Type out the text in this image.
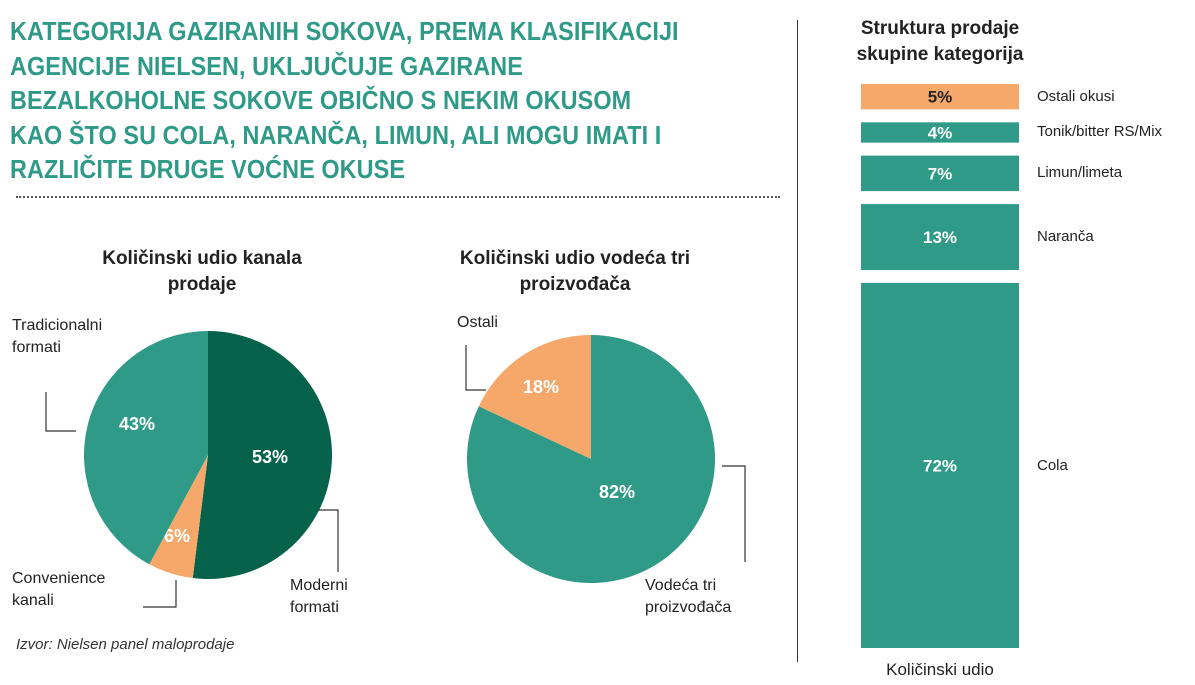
KATEGORIJA GAZIRANIH SOKOVA, PREMA KLASIFIKACIJI
AGENCIJE NIELSEN, UKLJUČUJE GAZIRANE
BEZALKOHOLNE SOKOVE OBIČNO S NEKIM OKUSOM
KAO ŠTO SU COLA, NARANČA, LIMUN, ALI MOGU IMATI I
RAZLIČITE DRUGE VOĆNE OKUSE
Količinski udio kanala
prodaje
Količinski udio vodeća tri
proizvođača
Struktura prodaje
skupine kategorija
Izvor: Nielsen panel maloprodaje
53%
Moderni
formati
6%
Convenience
kanali
43%
Tradicionalni
formati
82%
Vodeća tri
proizvođača
18%
Ostali
5%
4%
7%
13%
72%
Ostali okusi
Tonik/bitter RS/Mix
Limun/limeta
Naranča
Cola
Količinski udio
